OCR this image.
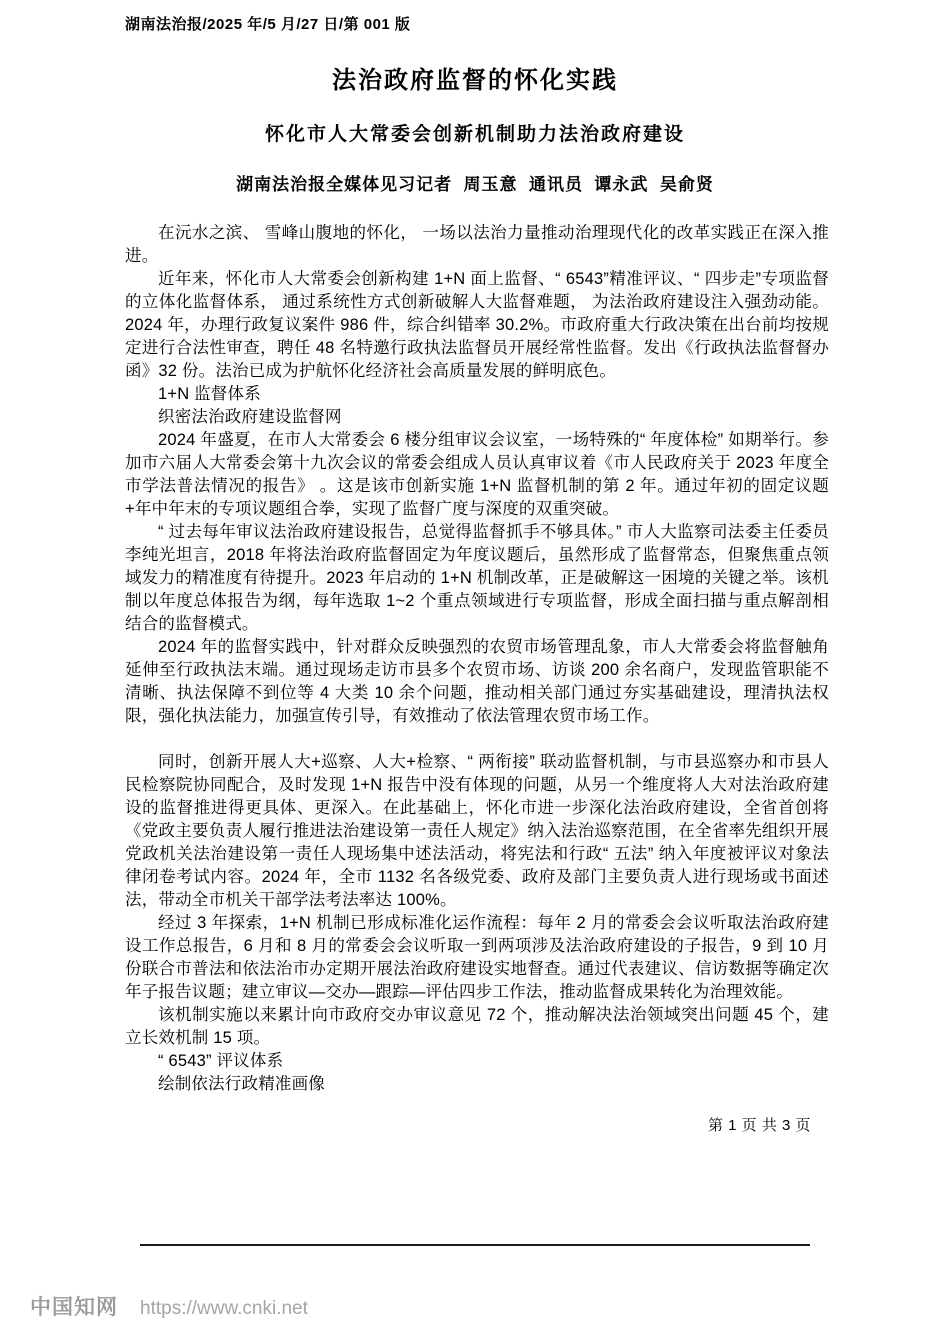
湖南法治报/2025 年/5 月/27 日/第 001 版
法治政府监督的怀化实践
怀化市人大常委会创新机制助力法治政府建设
湖南法治报全媒体见习记者  周玉意  通讯员  谭永武  吴俞贤

在沅水之滨、 雪峰山腹地的怀化， 一场以法治力量推动治理现代化的改革实践正在深入推进。

近年来，怀化市人大常委会创新构建 1+N 面上监督、“ 6543”精准评议、“ 四步走”专项监督的立体化监督体系， 通过系统性方式创新破解人大监督难题， 为法治政府建设注入强劲动能。 2024 年，办理行政复议案件 986 件，综合纠错率 30.2%。市政府重大行政决策在出台前均按规定进行合法性审查，聘任 48 名特邀行政执法监督员开展经常性监督。发出《行政执法监督督办函》32 份。法治已成为护航怀化经济社会高质量发展的鲜明底色。

1+N 监督体系

织密法治政府建设监督网

2024 年盛夏，在市人大常委会 6 楼分组审议会议室，一场特殊的“ 年度体检” 如期举行。参加市六届人大常委会第十九次会议的常委会组成人员认真审议着《市人民政府关于 2023 年度全市学法普法情况的报告》 。这是该市创新实施 1+N 监督机制的第 2 年。通过年初的固定议题+年中年末的专项议题组合拳，实现了监督广度与深度的双重突破。

“ 过去每年审议法治政府建设报告，总觉得监督抓手不够具体。” 市人大监察司法委主任委员李纯光坦言，2018 年将法治政府监督固定为年度议题后，虽然形成了监督常态，但聚焦重点领域发力的精准度有待提升。2023 年启动的 1+N 机制改革，正是破解这一困境的关键之举。该机制以年度总体报告为纲，每年选取 1~2 个重点领域进行专项监督，形成全面扫描与重点解剖相结合的监督模式。

2024 年的监督实践中，针对群众反映强烈的农贸市场管理乱象，市人大常委会将监督触角延伸至行政执法末端。通过现场走访市县多个农贸市场、访谈 200 余名商户，发现监管职能不清晰、执法保障不到位等 4 大类 10 余个问题，推动相关部门通过夯实基础建设，理清执法权限，强化执法能力，加强宣传引导，有效推动了依法管理农贸市场工作。

同时，创新开展人大+巡察、人大+检察、“ 两衔接” 联动监督机制，与市县巡察办和市县人民检察院协同配合，及时发现 1+N 报告中没有体现的问题，从另一个维度将人大对法治政府建设的监督推进得更具体、更深入。在此基础上，怀化市进一步深化法治政府建设，全省首创将《党政主要负责人履行推进法治建设第一责任人规定》纳入法治巡察范围，在全省率先组织开展党政机关法治建设第一责任人现场集中述法活动，将宪法和行政“ 五法” 纳入年度被评议对象法律闭卷考试内容。2024 年，全市 1132 名各级党委、政府及部门主要负责人进行现场或书面述法，带动全市机关干部学法考法率达 100%。

经过 3 年探索，1+N 机制已形成标准化运作流程：每年 2 月的常委会会议听取法治政府建设工作总报告，6 月和 8 月的常委会会议听取一到两项涉及法治政府建设的子报告，9 到 10 月份联合市普法和依法治市办定期开展法治政府建设实地督查。通过代表建议、信访数据等确定次年子报告议题；建立审议—交办—跟踪—评估四步工作法，推动监督成果转化为治理效能。

该机制实施以来累计向市政府交办审议意见 72 个，推动解决法治领域突出问题 45 个，建立长效机制 15 项。

“ 6543” 评议体系

绘制依法行政精准画像

第 1 页 共 3 页
中国知网 https://www.cnki.net
